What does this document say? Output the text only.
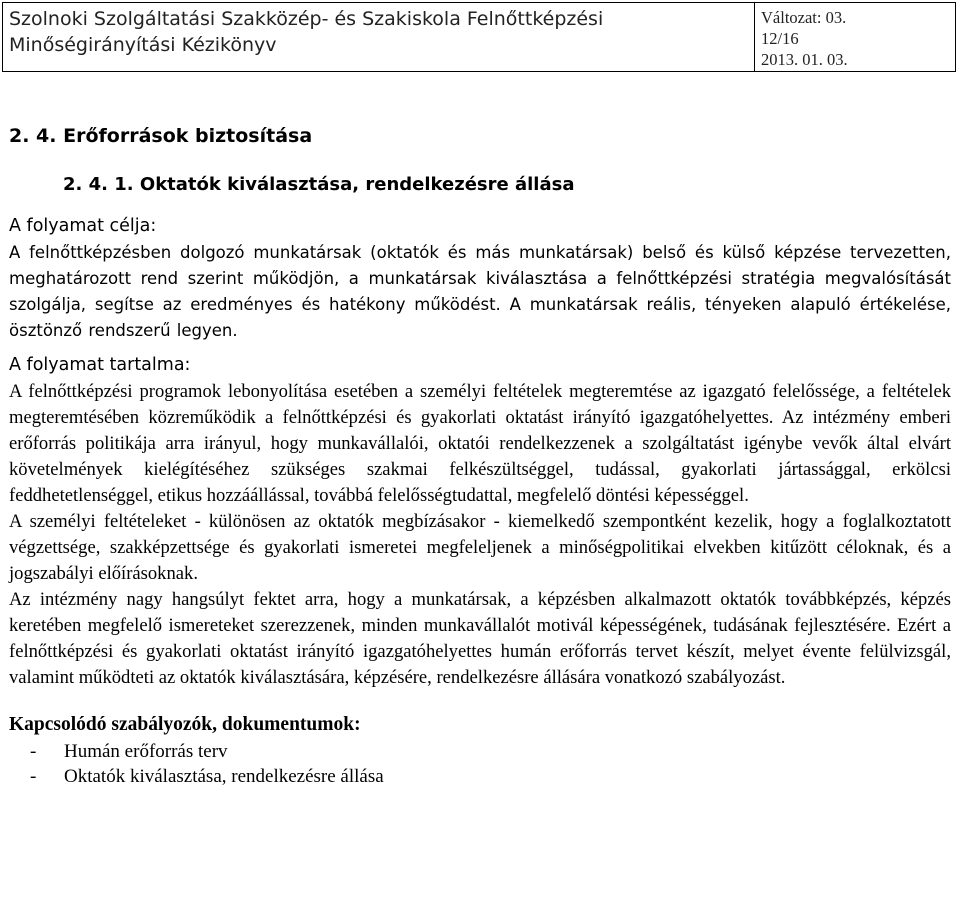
Szolnoki Szolgáltatási Szakközép- és Szakiskola Felnőttképzési
Minőségirányítási Kézikönyv
Változat: 03.
12/16
2013. 01. 03.
2. 4. Erőforrások biztosítása
2. 4. 1. Oktatók kiválasztása, rendelkezésre állása

A folyamat célja:

A felnőttképzésben dolgozó munkatársak (oktatók és más munkatársak) belső és külső képzése tervezetten, meghatározott rend szerint működjön, a munkatársak kiválasztása a felnőttképzési stratégia megvalósítását szolgálja, segítse az eredményes és hatékony működést. A munkatársak reális, tényeken alapuló értékelése, ösztönző rendszerű legyen.

A folyamat tartalma:

A felnőttképzési programok lebonyolítása esetében a személyi feltételek megteremtése az igazgató felelőssége, a feltételek megteremtésében közreműködik a felnőttképzési és gyakorlati oktatást irányító igazgatóhelyettes. Az intézmény emberi erőforrás politikája arra irányul, hogy munkavállalói, oktatói rendelkezzenek a szolgáltatást igénybe vevők által elvárt követelmények kielégítéséhez szükséges szakmai felkészültséggel, tudással, gyakorlati jártassággal, erkölcsi feddhetetlenséggel, etikus hozzáállással, továbbá felelősségtudattal, megfelelő döntési képességgel.

A személyi feltételeket - különösen az oktatók megbízásakor - kiemelkedő szempontként kezelik, hogy a foglalkoztatott végzettsége, szakképzettsége és gyakorlati ismeretei megfeleljenek a minőségpolitikai elvekben kitűzött céloknak, és a jogszabályi előírásoknak.

Az intézmény nagy hangsúlyt fektet arra, hogy a munkatársak, a képzésben alkalmazott oktatók továbbképzés, képzés keretében megfelelő ismereteket szerezzenek, minden munkavállalót motivál képességének, tudásának fejlesztésére. Ezért a felnőttképzési és gyakorlati oktatást irányító igazgatóhelyettes humán erőforrás tervet készít, melyet évente felülvizsgál, valamint működteti az oktatók kiválasztására, képzésére, rendelkezésre állására vonatkozó szabályozást.

Kapcsolódó szabályozók, dokumentumok:

- Humán erőforrás terv
- Oktatók kiválasztása, rendelkezésre állása
